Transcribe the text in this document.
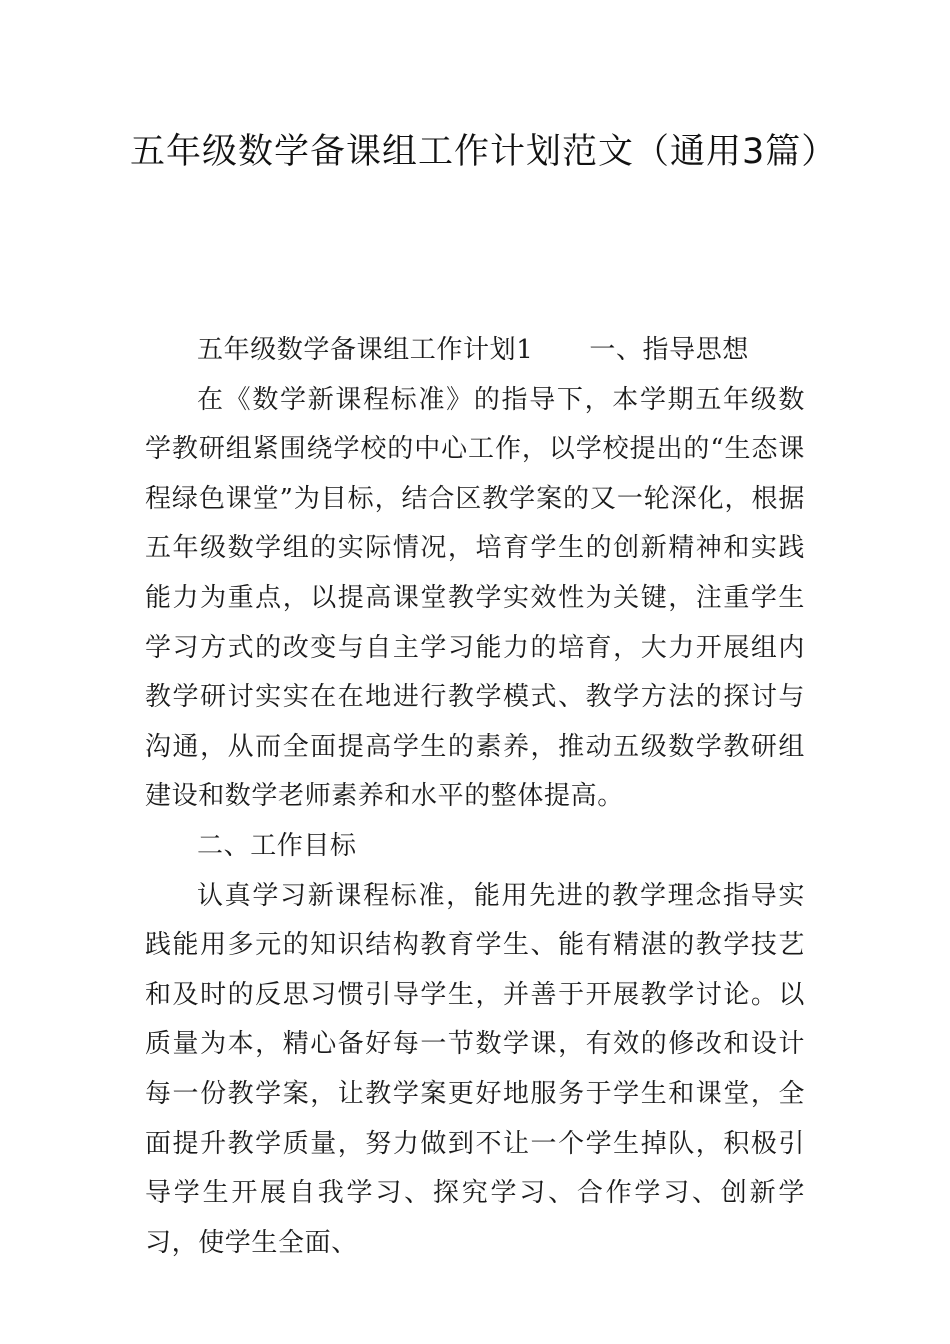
五年级数学备课组工作计划范文（通用3篇）

五年级数学备课组工作计划1 一、指导思想

在《数学新课程标准》的指导下，本学期五年级数学教研组紧围绕学校的中心工作，以学校提出的“生态课程绿色课堂”为目标，结合区教学案的又一轮深化，根据五年级数学组的实际情况，培育学生的创新精神和实践能力为重点，以提高课堂教学实效性为关键，注重学生学习方式的改变与自主学习能力的培育，大力开展组内教学研讨实实在在地进行教学模式、教学方法的探讨与沟通，从而全面提高学生的素养，推动五级数学教研组建设和数学老师素养和水平的整体提高。

二、工作目标

认真学习新课程标准，能用先进的教学理念指导实践能用多元的知识结构教育学生、能有精湛的教学技艺和及时的反思习惯引导学生，并善于开展教学讨论。以质量为本，精心备好每一节数学课，有效的修改和设计每一份教学案，让教学案更好地服务于学生和课堂，全面提升教学质量，努力做到不让一个学生掉队，积极引导学生开展自我学习、探究学习、合作学习、创新学习，使学生全面、
